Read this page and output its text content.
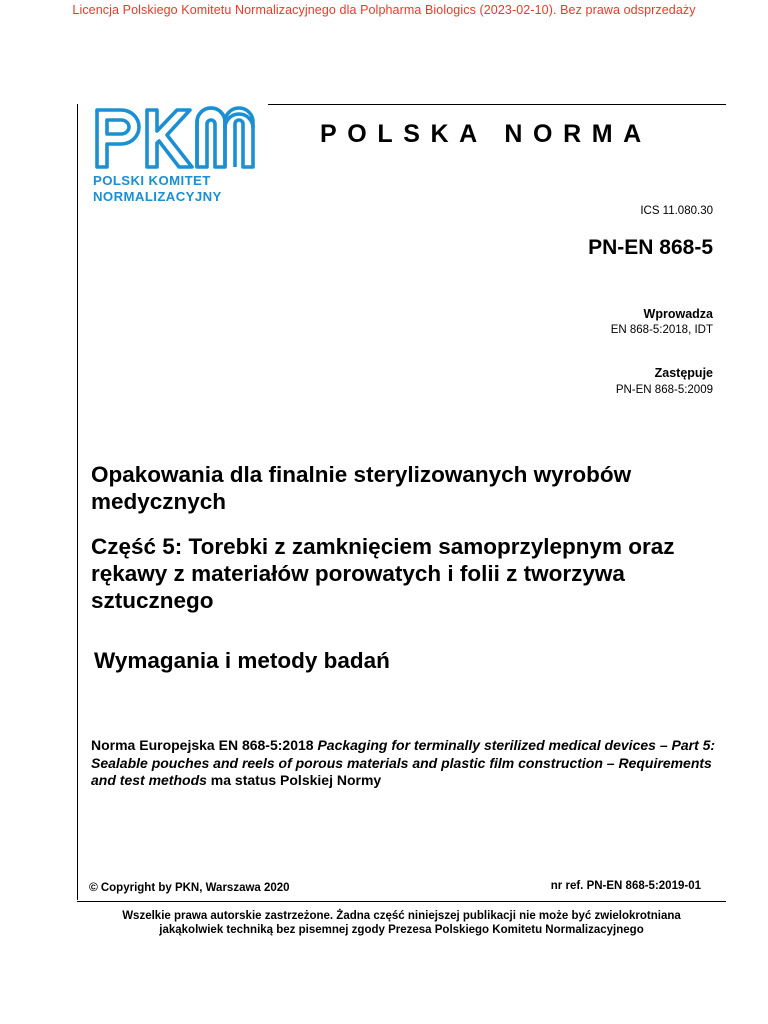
Licencja Polskiego Komitetu Normalizacyjnego dla Polpharma Biologics (2023-02-10). Bez prawa odsprzedaży
POLSKI KOMITET
NORMALIZACYJNY
POLSKA NORMA
ICS 11.080.30
PN-EN 868-5
Wprowadza
EN 868-5:2018, IDT
Zastępuje
PN-EN 868-5:2009
Opakowania dla finalnie sterylizowanych wyrobów medycznych
Część 5: Torebki z zamknięciem samoprzylepnym oraz rękawy z materiałów porowatych i folii z tworzywa sztucznego
Wymagania i metody badań
Norma Europejska EN 868-5:2018 Packaging for terminally sterilized medical devices – Part 5: Sealable pouches and reels of porous materials and plastic film construction – Requirements and test methods ma status Polskiej Normy
© Copyright by PKN, Warszawa 2020	nr ref. PN-EN 868-5:2019-01
Wszelkie prawa autorskie zastrzeżone. Żadna część niniejszej publikacji nie może być zwielokrotniana
jakąkolwiek techniką bez pisemnej zgody Prezesa Polskiego Komitetu Normalizacyjnego
